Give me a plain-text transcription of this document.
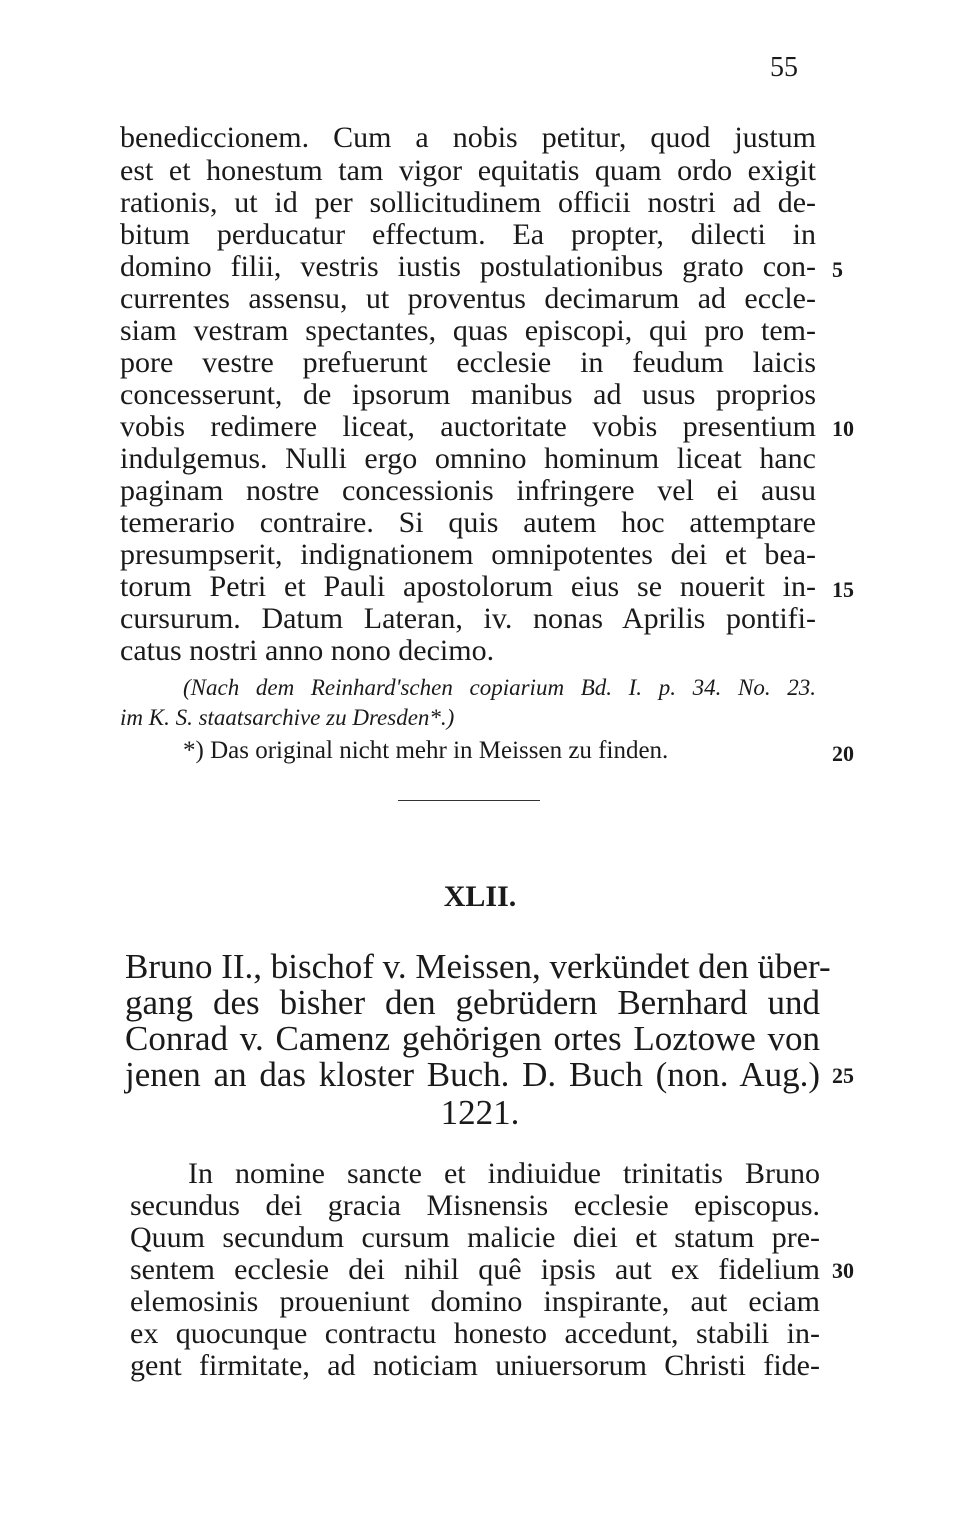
55
benediccionem. Cum a nobis petitur, quod justum
est et honestum tam vigor equitatis quam ordo exigit
rationis, ut id per sollicitudinem officii nostri ad de-
bitum perducatur effectum. Ea propter, dilecti in
domino filii, vestris iustis postulationibus grato con-
currentes assensu, ut proventus decimarum ad eccle-
siam vestram spectantes, quas episcopi, qui pro tem-
pore vestre prefuerunt ecclesie in feudum laicis
concesserunt, de ipsorum manibus ad usus proprios
vobis redimere liceat, auctoritate vobis presentium
indulgemus. Nulli ergo omnino hominum liceat hanc
paginam nostre concessionis infringere vel ei ausu
temerario contraire. Si quis autem hoc attemptare
presumpserit, indignationem omnipotentes dei et bea-
torum Petri et Pauli apostolorum eius se nouerit in-
cursurum. Datum Lateran, iv. nonas Aprilis pontifi-
catus nostri anno nono decimo.
(Nach dem Reinhard'schen copiarium Bd. I. p. 34. No. 23.
im K. S. staatsarchive zu Dresden*.)
*) Das original nicht mehr in Meissen zu finden.
XLII.
Bruno II., bischof v. Meissen, verkündet den über-
gang des bisher den gebrüdern Bernhard und
Conrad v. Camenz gehörigen ortes Loztowe von
jenen an das kloster Buch. D. Buch (non. Aug.)
1221.
In nomine sancte et indiuidue trinitatis Bruno
secundus dei gracia Misnensis ecclesie episcopus.
Quum secundum cursum malicie diei et statum pre-
sentem ecclesie dei nihil quê ipsis aut ex fidelium
elemosinis proueniunt domino inspirante, aut eciam
ex quocunque contractu honesto accedunt, stabili in-
gent firmitate, ad noticiam uniuersorum Christi fide-
5
10
15
20
25
30
